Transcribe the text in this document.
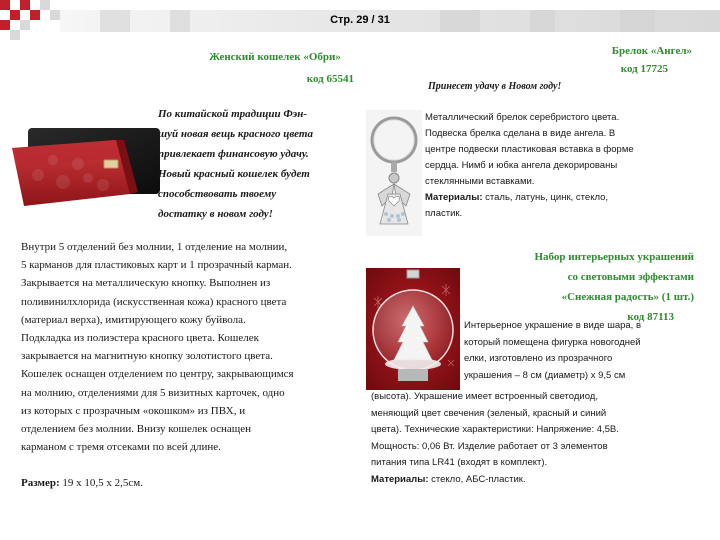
Стр. 29 / 31
Женский кошелек «Обри»
код 65541
По китайской традиции Фэн-
шуй новая вещь красного цвета
привлекает финансовую удачу.
Новый красный кошелек будет
способствовать твоему
достатку в новом году!
Внутри 5 отделений без молнии, 1 отделение на молнии,
5 карманов для пластиковых карт и 1 прозрачный карман.
Закрывается на металлическую кнопку. Выполнен из
поливинилхлорида (искусственная кожа) красного цвета
(материал верха), имитирующего кожу буйвола.
Подкладка из полиэстера красного цвета. Кошелек
закрывается на магнитную кнопку золотистого цвета.
Кошелек оснащен отделением по центру, закрывающимся
на молнию, отделениями для 5 визитных карточек, одно
из которых с прозрачным «окошком» из ПВХ, и
отделением без молнии. Внизу кошелек оснащен
карманом с тремя отсеками по всей длине.
Размер: 19 x 10,5 x 2,5см.
Брелок «Ангел»
код 17725
Принесет удачу в Новом году!
Металлический брелок серебристого цвета.
Подвеска брелка сделана в виде ангела. В
центре подвески пластиковая вставка в форме
сердца. Нимб и юбка ангела декорированы
стеклянными вставками.
Материалы: сталь, латунь, цинк, стекло,
пластик.
Набор интерьерных украшений
со световыми эффектами
«Снежная радость» (1 шт.)
код 87113
Интерьерное украшение в виде шара, в
который помещена фигурка новогодней
елки, изготовлено из прозрачного
украшения – 8 см (диаметр) x 9,5 см
(высота). Украшение имеет встроенный светодиод,
меняющий цвет свечения (зеленый, красный и синий
цвета). Технические характеристики: Напряжение: 4,5В.
Мощность: 0,06 Вт. Изделие работает от 3 элементов
питания типа LR41 (входят в комплект).
Материалы: стекло, АБС-пластик.
